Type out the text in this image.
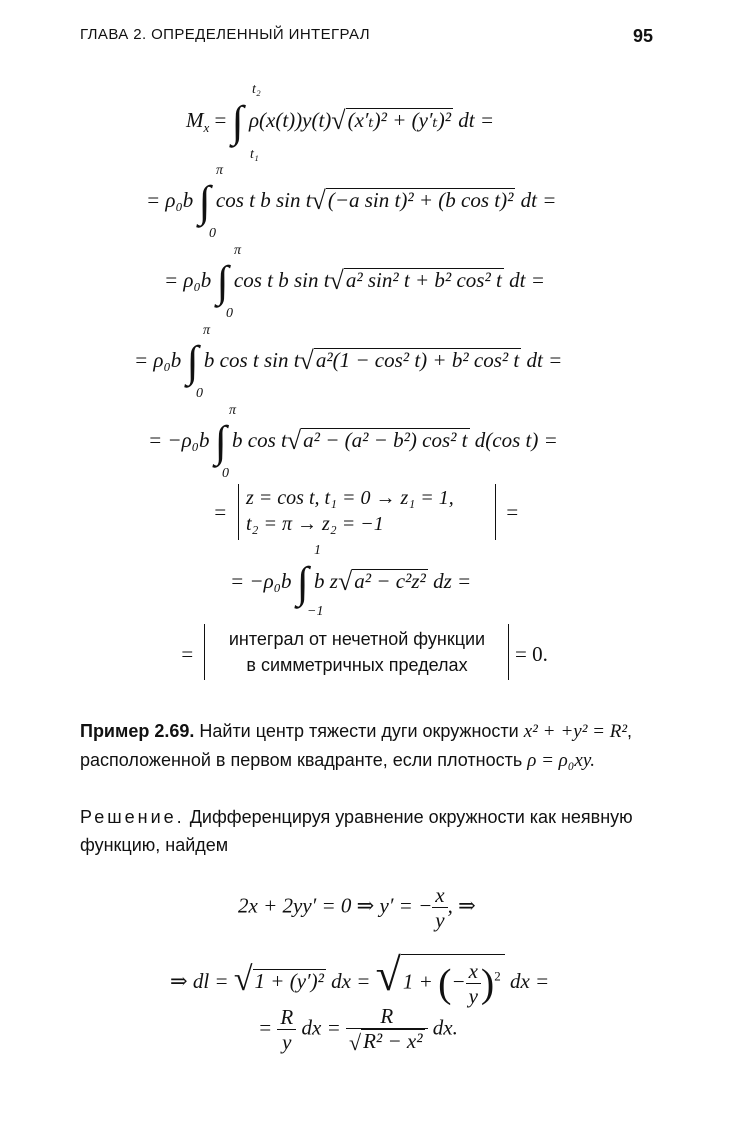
ГЛАВА 2. ОПРЕДЕЛЕННЫЙ ИНТЕГРАЛ	95
t₂
t₁
$M_x$ = ∫ ρ(x(t))y(t)√(x′ₜ)² + (y′ₜ)² dt =
π
0
= ρ₀b ∫ cos t b sin t√(−a sin t)² + (b cos t)² dt =
π
0
= ρ₀b ∫ cos t b sin t√a² sin² t + b² cos² t dt =
π
0
= ρ₀b ∫ b cos t sin t√a²(1 − cos² t) + b² cos² t dt =
π
0
= −ρ₀b ∫ b cos t√a² − (a² − b²) cos² t d(cos t) =
=
z = cos t, t₁ = 0 → z₁ = 1,
t₂ = π → z₂ = −1	=
1
−1
= −ρ₀b ∫ b z√a² − c²z² dz =
=
интеграл от нечетной функции
в симметричных пределах	= 0.
Пример 2.69. Найти центр тяжести дуги окружности x² + +y² = R², расположенной в первом квадранте, если плотность ρ = ρ₀xy.
Решение. Дифференцируя уравнение окружности как неявную функцию, найдем
2x + 2yy′ = 0 ⇒ y′ = − $\frac{x}{y}$ , ⇒
⇒ dl = √1 + (y′)² dx = √1 + (− $\frac{x}{y} )^2$ dx =
= $\frac{R}{y}$ dx = $\frac{R}{\text{√R² − x²}}$ dx.
